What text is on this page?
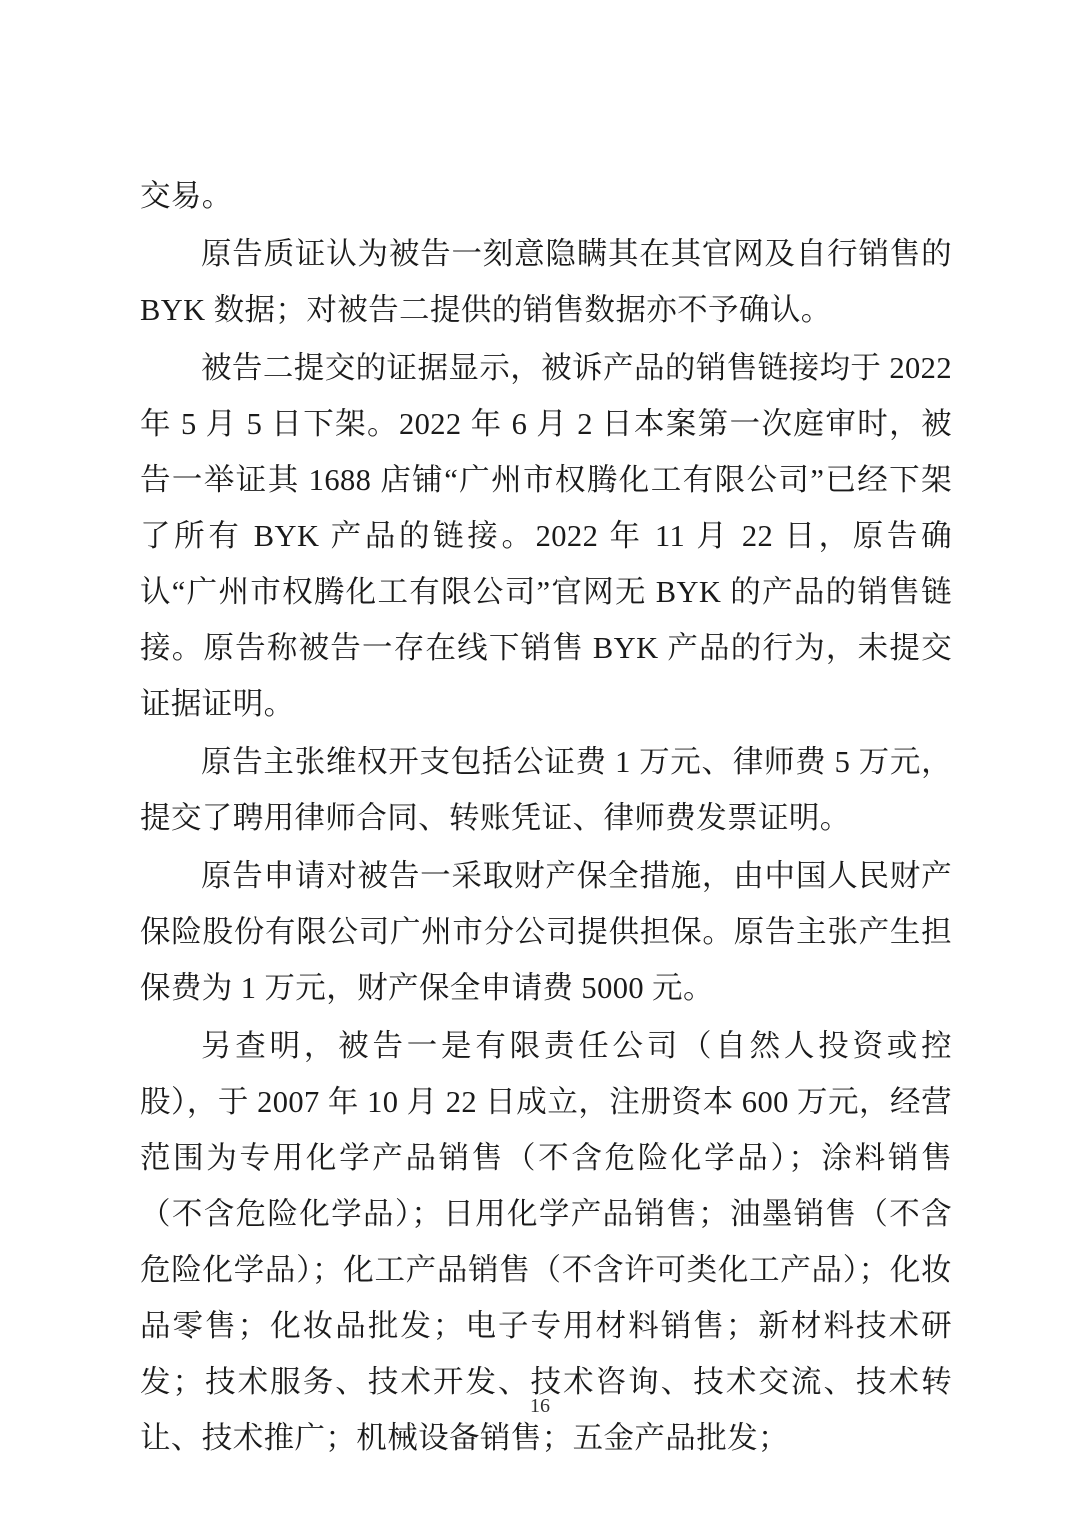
交易。

原告质证认为被告一刻意隐瞒其在其官网及自行销售的 BYK 数据；对被告二提供的销售数据亦不予确认。

被告二提交的证据显示，被诉产品的销售链接均于 2022 年 5 月 5 日下架。2022 年 6 月 2 日本案第一次庭审时，被告一举证其 1688 店铺“广州市权腾化工有限公司”已经下架了所有 BYK 产品的链接。2022 年 11 月 22 日，原告确认“广州市权腾化工有限公司”官网无 BYK 的产品的销售链接。原告称被告一存在线下销售 BYK 产品的行为，未提交证据证明。

原告主张维权开支包括公证费 1 万元、律师费 5 万元，提交了聘用律师合同、转账凭证、律师费发票证明。

原告申请对被告一采取财产保全措施，由中国人民财产保险股份有限公司广州市分公司提供担保。原告主张产生担保费为 1 万元，财产保全申请费 5000 元。

另查明，被告一是有限责任公司（自然人投资或控股），于 2007 年 10 月 22 日成立，注册资本 600 万元，经营范围为专用化学产品销售（不含危险化学品）；涂料销售（不含危险化学品）；日用化学产品销售；油墨销售（不含危险化学品）；化工产品销售（不含许可类化工产品）；化妆品零售；化妆品批发；电子专用材料销售；新材料技术研发；技术服务、技术开发、技术咨询、技术交流、技术转让、技术推广；机械设备销售；五金产品批发；

16
